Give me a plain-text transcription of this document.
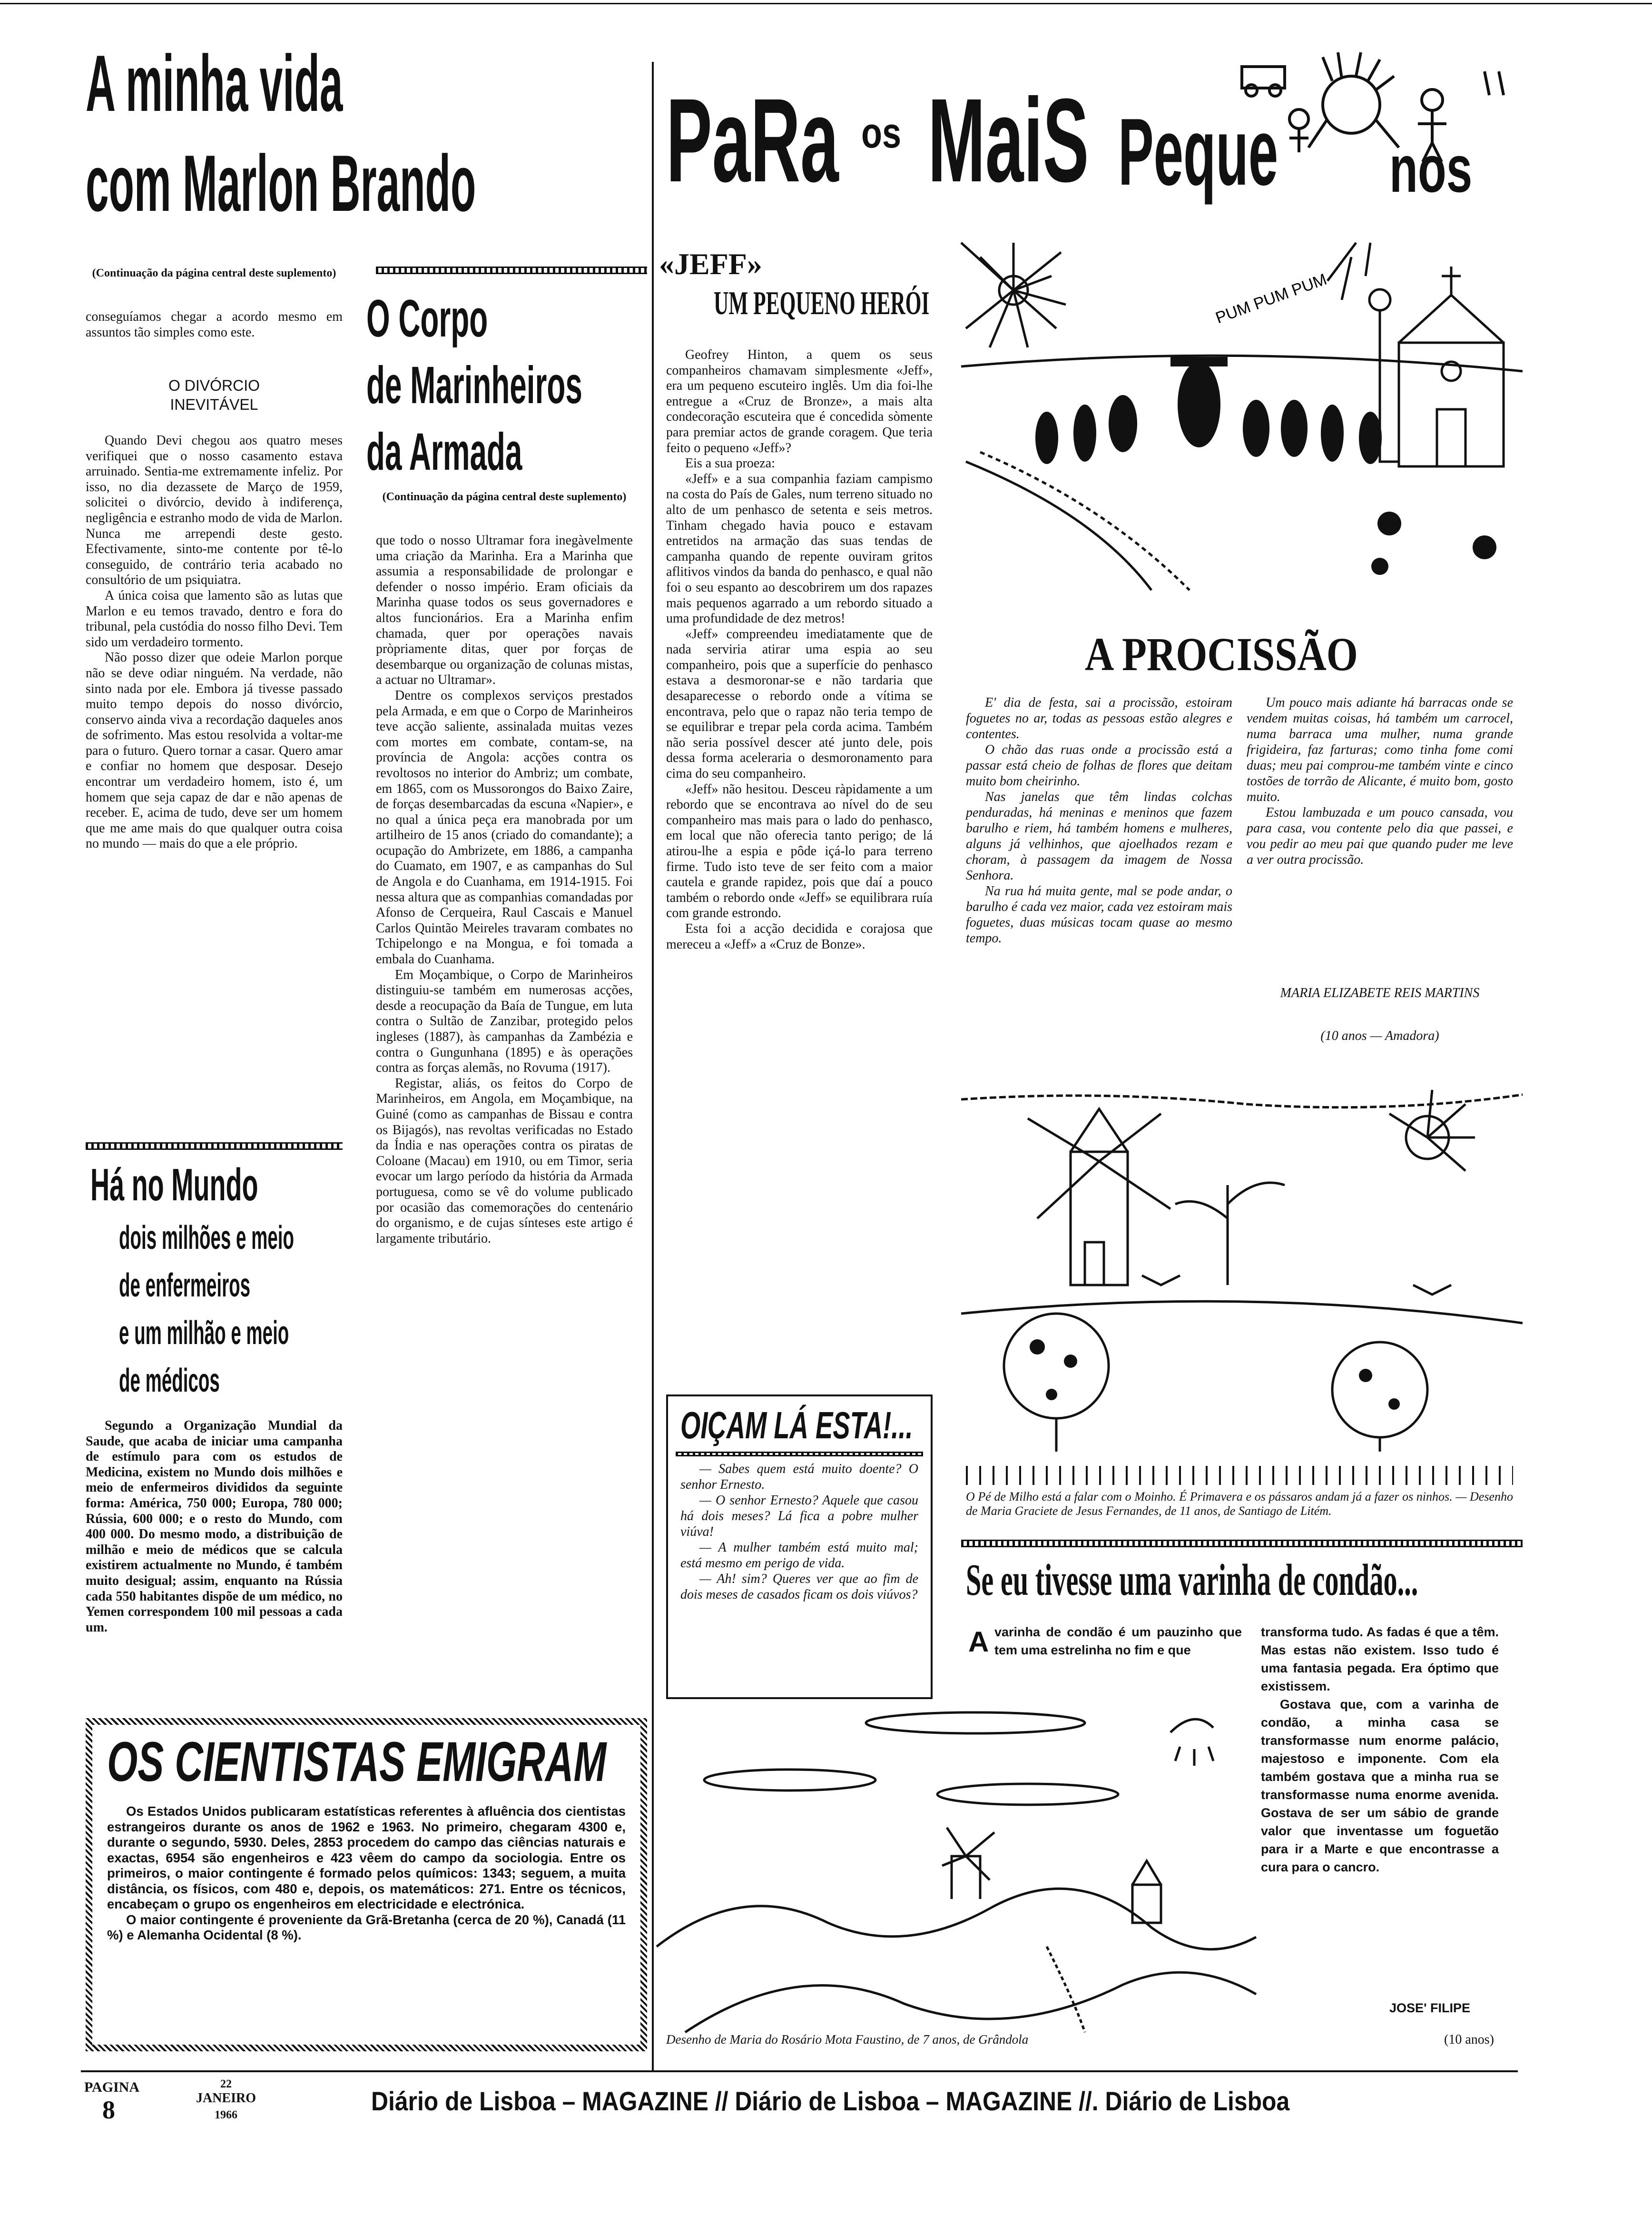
A minha vida
com Marlon Brando
(Continuação da página central deste suplemento)

conseguíamos chegar a acordo mesmo em assuntos tão simples como este.

O DIVÓRCIO INEVITÁVEL

Quando Devi chegou aos quatro meses verifiquei que o nosso casamento estava arruinado. Sentia-me extremamente infeliz. Por isso, no dia dezassete de Março de 1959, solicitei o divórcio, devido à indiferença, negligência e estranho modo de vida de Marlon. Nunca me arrependi deste gesto. Efectivamente, sinto-me contente por tê-lo conseguido, de contrário teria acabado no consultório de um psiquiatra.

A única coisa que lamento são as lutas que Marlon e eu temos travado, dentro e fora do tribunal, pela custódia do nosso filho Devi. Tem sido um verdadeiro tormento.

Não posso dizer que odeie Marlon porque não se deve odiar ninguém. Na verdade, não sinto nada por ele. Embora já tivesse passado muito tempo depois do nosso divórcio, conservo ainda viva a recordação daqueles anos de sofrimento. Mas estou resolvida a voltar-me para o futuro. Quero tornar a casar. Quero amar e confiar no homem que desposar. Desejo encontrar um verdadeiro homem, isto é, um homem que seja capaz de dar e não apenas de receber. E, acima de tudo, deve ser um homem que me ame mais do que qualquer outra coisa no mundo — mais do que a ele próprio.

Há no Mundo
dois milhões e meio
de enfermeiros
e um milhão e meio
de médicos

Segundo a Organização Mundial da Saude, que acaba de iniciar uma campanha de estímulo para com os estudos de Medicina, existem no Mundo dois milhões e meio de enfermeiros divididos da seguinte forma: América, 750 000; Europa, 780 000; Rússia, 600 000; e o resto do Mundo, com 400 000. Do mesmo modo, a distribuição de milhão e meio de médicos que se calcula existirem actualmente no Mundo, é também muito desigual; assim, enquanto na Rússia cada 550 habitantes dispõe de um médico, no Yemen correspondem 100 mil pessoas a cada um.

O Corpo
de Marinheiros
da Armada
(Continuação da página central deste suplemento)

que todo o nosso Ultramar fora inegàvelmente uma criação da Marinha. Era a Marinha que assumia a responsabilidade de prolongar e defender o nosso império. Eram oficiais da Marinha quase todos os seus governadores e altos funcionários. Era a Marinha enfim chamada, quer por operações navais pròpriamente ditas, quer por forças de desembarque ou organização de colunas mistas, a actuar no Ultramar».

Dentre os complexos serviços prestados pela Armada, e em que o Corpo de Marinheiros teve acção saliente, assinalada muitas vezes com mortes em combate, contam-se, na província de Angola: acções contra os revoltosos no interior do Ambriz; um combate, em 1865, com os Mussorongos do Baixo Zaire, de forças desembarcadas da escuna «Napier», e no qual a única peça era manobrada por um artilheiro de 15 anos (criado do comandante); a ocupação do Ambrizete, em 1886, a campanha do Cuamato, em 1907, e as campanhas do Sul de Angola e do Cuanhama, em 1914-1915. Foi nessa altura que as companhias comandadas por Afonso de Cerqueira, Raul Cascais e Manuel Carlos Quintão Meireles travaram combates no Tchipelongo e na Mongua, e foi tomada a embala do Cuanhama.

Em Moçambique, o Corpo de Marinheiros distinguiu-se também em numerosas acções, desde a reocupação da Baía de Tungue, em luta contra o Sultão de Zanzibar, protegido pelos ingleses (1887), às campanhas da Zambézia e contra o Gungunhana (1895) e às operações contra as forças alemãs, no Rovuma (1917).

Registar, aliás, os feitos do Corpo de Marinheiros, em Angola, em Moçambique, na Guiné (como as campanhas de Bissau e contra os Bijagós), nas revoltas verificadas no Estado da Índia e nas operações contra os piratas de Coloane (Macau) em 1910, ou em Timor, seria evocar um largo período da história da Armada portuguesa, como se vê do volume publicado por ocasião das comemorações do centenário do organismo, e de cujas sínteses este artigo é largamente tributário.

OS CIENTISTAS EMIGRAM

Os Estados Unidos publicaram estatísticas referentes à afluência dos cientistas estrangeiros durante os anos de 1962 e 1963. No primeiro, chegaram 4300 e, durante o segundo, 5930. Deles, 2853 procedem do campo das ciências naturais e exactas, 6954 são engenheiros e 423 vêem do campo da sociologia. Entre os primeiros, o maior contingente é formado pelos químicos: 1343; seguem, a muita distância, os físicos, com 480 e, depois, os matemáticos: 271. Entre os técnicos, encabeçam o grupo os engenheiros em electricidade e electrónica.

O maior contingente é proveniente da Grã-Bretanha (cerca de 20 %), Canadá (11 %) e Alemanha Ocidental (8 %).

PaRa os MaiS Peque nos
«JEFF»
UM PEQUENO HERÓI

Geofrey Hinton, a quem os seus companheiros chamavam simplesmente «Jeff», era um pequeno escuteiro inglês. Um dia foi-lhe entregue a «Cruz de Bronze», a mais alta condecoração escuteira que é concedida sòmente para premiar actos de grande coragem. Que teria feito o pequeno «Jeff»?

Eis a sua proeza:

«Jeff» e a sua companhia faziam campismo na costa do País de Gales, num terreno situado no alto de um penhasco de setenta e seis metros. Tinham chegado havia pouco e estavam entretidos na armação das suas tendas de campanha quando de repente ouviram gritos aflitivos vindos da banda do penhasco, e qual não foi o seu espanto ao descobrirem um dos rapazes mais pequenos agarrado a um rebordo situado a uma profundidade de dez metros!

«Jeff» compreendeu imediatamente que de nada serviria atirar uma espia ao seu companheiro, pois que a superfície do penhasco estava a desmoronar-se e não tardaria que desaparecesse o rebordo onde a vítima se encontrava, pelo que o rapaz não teria tempo de se equilibrar e trepar pela corda acima. Também não seria possível descer até junto dele, pois dessa forma aceleraria o desmoronamento para cima do seu companheiro.

«Jeff» não hesitou. Desceu ràpidamente a um rebordo que se encontrava ao nível do de seu companheiro mas mais para o lado do penhasco, em local que não oferecia tanto perigo; de lá atirou-lhe a espia e pôde içá-lo para terreno firme. Tudo isto teve de ser feito com a maior cautela e grande rapidez, pois que daí a pouco também o rebordo onde «Jeff» se equilibrara ruía com grande estrondo.

Esta foi a acção decidida e corajosa que mereceu a «Jeff» a «Cruz de Bonze».

OIÇAM LÁ ESTA!...

— Sabes quem está muito doente? O senhor Ernesto.

— O senhor Ernesto? Aquele que casou há dois meses? Lá fica a pobre mulher viúva!

— A mulher também está muito mal; está mesmo em perigo de vida.

— Ah! sim? Queres ver que ao fim de dois meses de casados ficam os dois viúvos?

PUM PUM PUM
A PROCISSÃO

E' dia de festa, sai a procissão, estoiram foguetes no ar, todas as pessoas estão alegres e contentes.

O chão das ruas onde a procissão está a passar está cheio de folhas de flores que deitam muito bom cheirinho.

Nas janelas que têm lindas colchas penduradas, há meninas e meninos que fazem barulho e riem, há também homens e mulheres, alguns já velhinhos, que ajoelhados rezam e choram, à passagem da imagem de Nossa Senhora.

Na rua há muita gente, mal se pode andar, o barulho é cada vez maior, cada vez estoiram mais foguetes, duas músicas tocam quase ao mesmo tempo.

Um pouco mais adiante há barracas onde se vendem muitas coisas, há também um carrocel, numa barraca uma mulher, numa grande frigideira, faz farturas; como tinha fome comi duas; meu pai comprou-me também vinte e cinco tostões de torrão de Alicante, é muito bom, gosto muito.

Estou lambuzada e um pouco cansada, vou para casa, vou contente pelo dia que passei, e vou pedir ao meu pai que quando puder me leve a ver outra procissão.

MARIA ELIZABETE REIS MARTINS
(10 anos — Amadora)
O Pé de Milho está a falar com o Moinho. É Primavera e os pássaros andam já a fazer os ninhos. — Desenho de Maria Graciete de Jesus Fernandes, de 11 anos, de Santiago de Litém.
Se eu tivesse uma varinha de condão...
A varinha de condão é um pauzinho que tem uma estrelinha no fim e que

transforma tudo. As fadas é que a têm. Mas estas não existem. Isso tudo é uma fantasia pegada. Era óptimo que existissem.

Gostava que, com a varinha de condão, a minha casa se transformasse num enorme palácio, majestoso e imponente. Com ela também gostava que a minha rua se transformasse numa enorme avenida. Gostava de ser um sábio de grande valor que inventasse um foguetão para ir a Marte e que encontrasse a cura para o cancro.

JOSE' FILIPE
(10 anos)
Desenho de Maria do Rosário Mota Faustino, de 7 anos, de Grândola
PAGINA
8
22
JANEIRO
1966	Diário de Lisboa – MAGAZINE // Diário de Lisboa – MAGAZINE //. Diário de Lisboa
